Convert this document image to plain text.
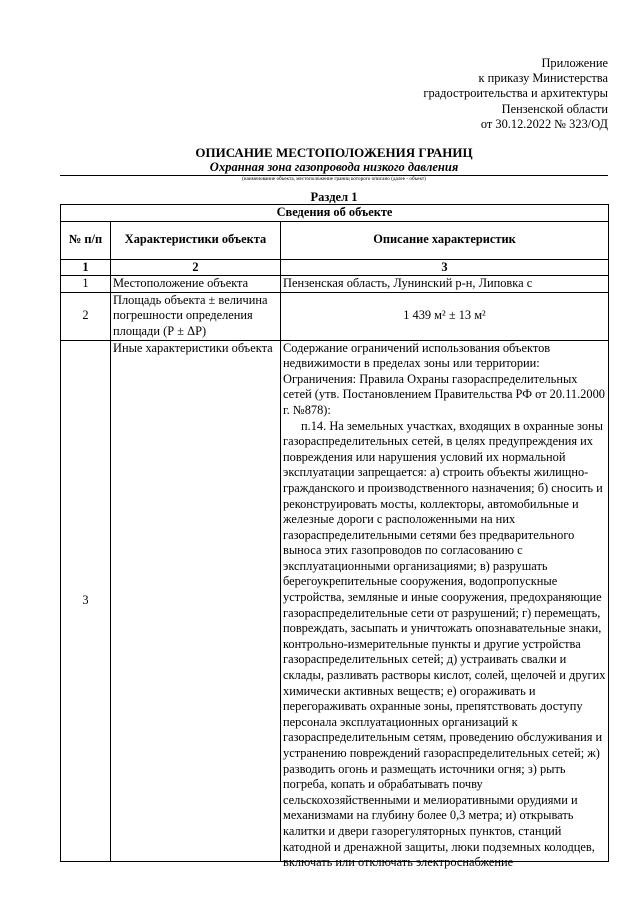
Приложение
к приказу Министерства
градостроительства и архитектуры
Пензенской области
от 30.12.2022 № 323/ОД
ОПИСАНИЕ МЕСТОПОЛОЖЕНИЯ ГРАНИЦ
Охранная зона газопровода низкого давления
(наименование объекта, местоположение границ которого описано (далее - объект)
Раздел 1
Сведения об объекте		
№ п/п	Характеристики объекта	Описание характеристик
1	2	3
1	Местоположение объекта	Пензенская область, Лунинский р-н, Липовка с
2	Площадь объекта ± величина погрешности определения площади (Р ± ΔР)	1 439 м² ± 13 м²
3	Иные характеристики объекта	Содержание ограничений использования объектов недвижимости в пределах зоны или территории: Ограничения: Правила Охраны газораспределительных сетей (утв. Постановлением Правительства РФ от 20.11.2000 г. №878):

п.14. На земельных участках, входящих в охранные зоны газораспределительных сетей, в целях предупреждения их повреждения или нарушения условий их нормальной эксплуатации запрещается: а) строить объекты жилищно-гражданского и производственного назначения; б) сносить и реконструировать мосты, коллекторы, автомобильные и железные дороги с расположенными на них газораспределительными сетями без предварительного выноса этих газопроводов по согласованию с эксплуатационными организациями; в) разрушать берегоукрепительные сооружения, водопропускные устройства, земляные и иные сооружения, предохраняющие газораспределительные сети от разрушений; г) перемещать, повреждать, засыпать и уничтожать опознавательные знаки, контрольно-измерительные пункты и другие устройства газораспределительных сетей; д) устраивать свалки и склады, разливать растворы кислот, солей, щелочей и других химически активных веществ; е) огораживать и перегораживать охранные зоны, препятствовать доступу персонала эксплуатационных организаций к газораспределительным сетям, проведению обслуживания и устранению повреждений газораспределительных сетей; ж) разводить огонь и размещать источники огня; з) рыть погреба, копать и обрабатывать почву сельскохозяйственными и мелиоративными орудиями и механизмами на глубину более 0,3 метра; и) открывать калитки и двери газорегуляторных пунктов, станций катодной и дренажной защиты, люки подземных колодцев, включать или отключать электроснабжение
